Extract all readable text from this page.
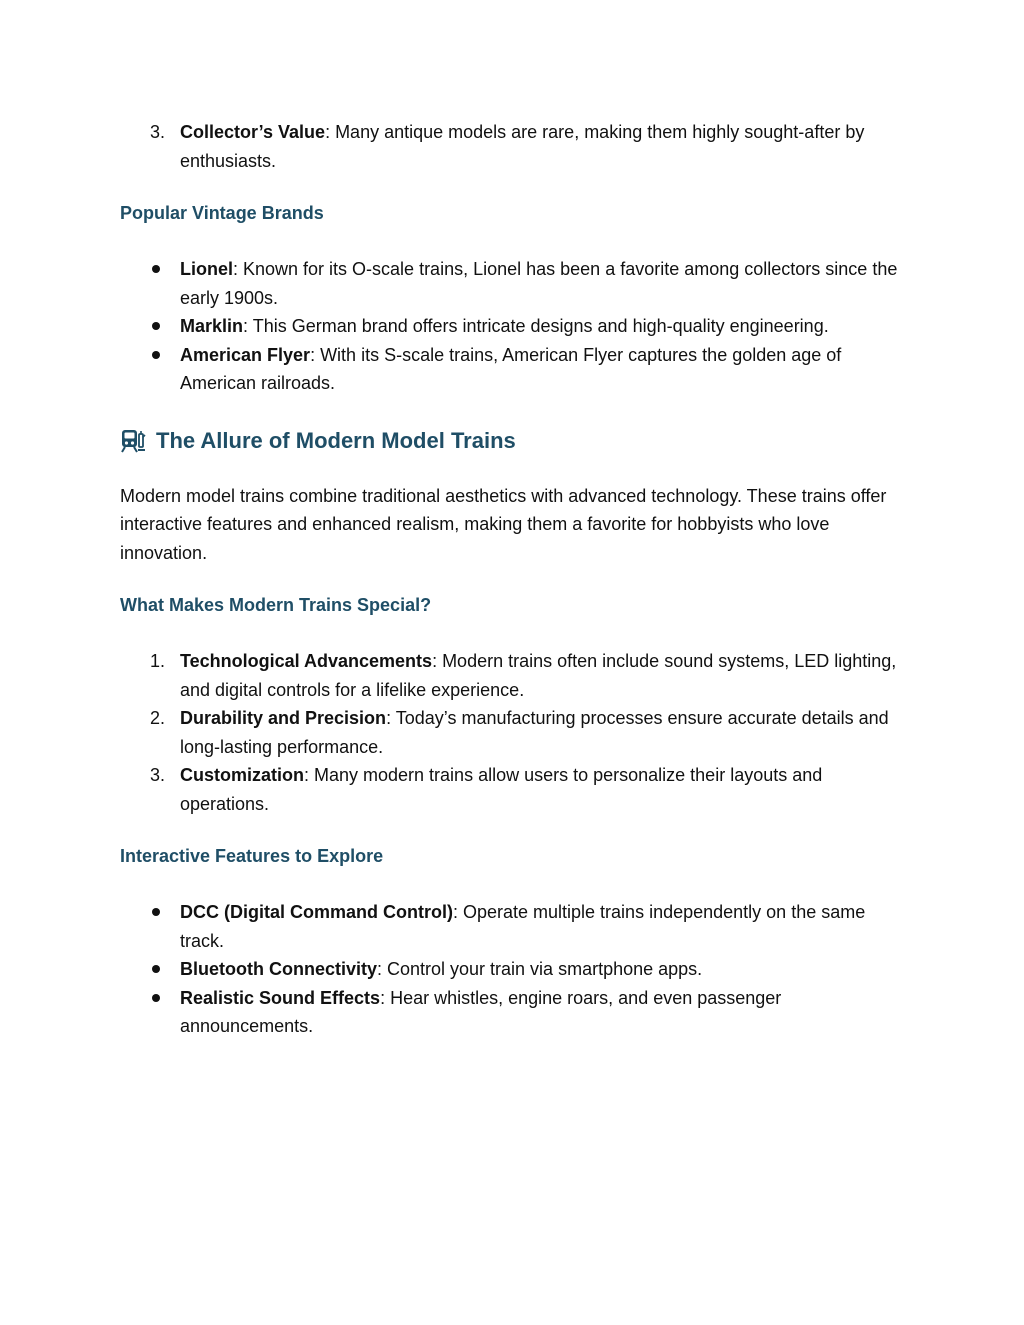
3. Collector’s Value: Many antique models are rare, making them highly sought-after by enthusiasts.
Popular Vintage Brands
Lionel: Known for its O-scale trains, Lionel has been a favorite among collectors since the early 1900s.
Marklin: This German brand offers intricate designs and high-quality engineering.
American Flyer: With its S-scale trains, American Flyer captures the golden age of American railroads.
The Allure of Modern Model Trains

Modern model trains combine traditional aesthetics with advanced technology. These trains offer interactive features and enhanced realism, making them a favorite for hobbyists who love innovation.

What Makes Modern Trains Special?
1. Technological Advancements: Modern trains often include sound systems, LED lighting, and digital controls for a lifelike experience.
2. Durability and Precision: Today’s manufacturing processes ensure accurate details and long-lasting performance.
3. Customization: Many modern trains allow users to personalize their layouts and operations.
Interactive Features to Explore
DCC (Digital Command Control): Operate multiple trains independently on the same track.
Bluetooth Connectivity: Control your train via smartphone apps.
Realistic Sound Effects: Hear whistles, engine roars, and even passenger announcements.
